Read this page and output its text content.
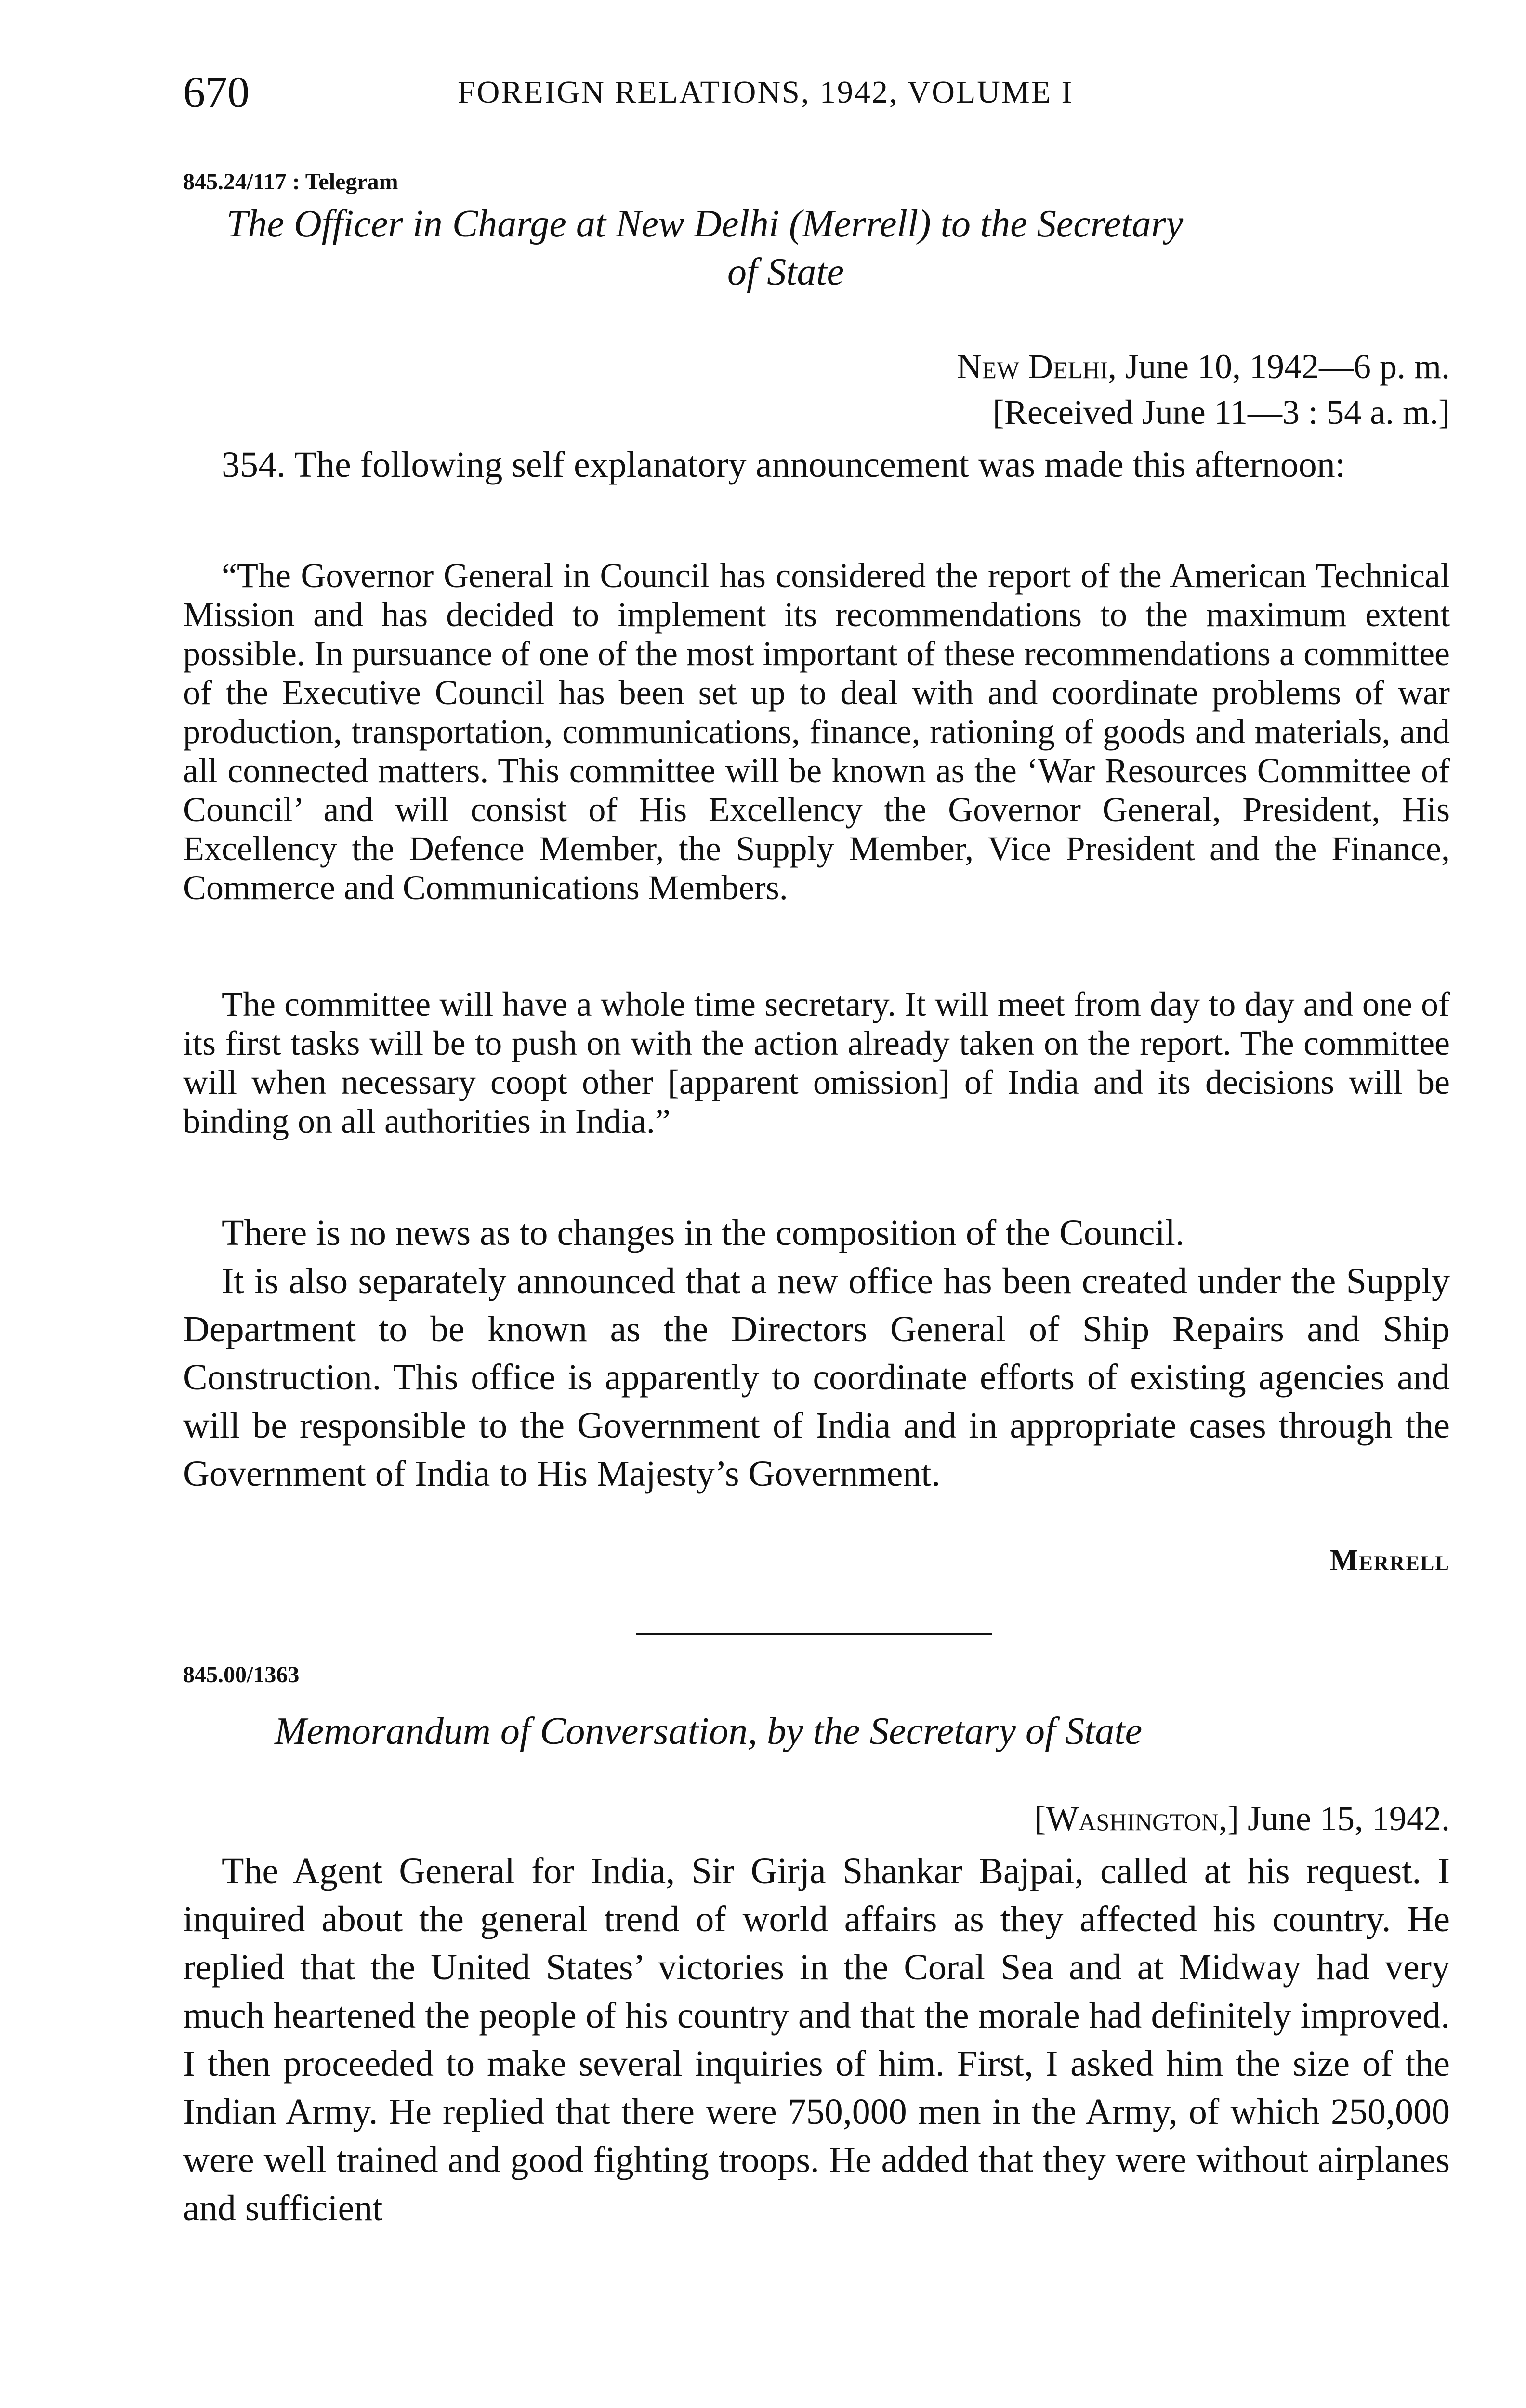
670	FOREIGN RELATIONS, 1942, VOLUME I
845.24/117 : Telegram
The Officer in Charge at New Delhi (Merrell) to the Secretary
of State
New Delhi, June 10, 1942—6 p. m.
[Received June 11—3 : 54 a. m.]
354. The following self explanatory announcement was made this afternoon:
“The Governor General in Council has considered the report of the American Technical Mission and has decided to implement its recommendations to the maximum extent possible. In pursuance of one of the most important of these recommendations a committee of the Executive Council has been set up to deal with and coordinate problems of war production, transportation, communications, finance, rationing of goods and materials, and all connected matters. This committee will be known as the ‘War Resources Committee of Council’ and will consist of His Excellency the Governor General, President, His Excellency the Defence Member, the Supply Member, Vice President and the Finance, Commerce and Communications Members.
The committee will have a whole time secretary. It will meet from day to day and one of its first tasks will be to push on with the action already taken on the report. The committee will when necessary coopt other [apparent omission] of India and its decisions will be binding on all authorities in India.”
There is no news as to changes in the composition of the Council.
It is also separately announced that a new office has been created under the Supply Department to be known as the Directors General of Ship Repairs and Ship Construction. This office is apparently to coordinate efforts of existing agencies and will be responsible to the Government of India and in appropriate cases through the Government of India to His Majesty’s Government.
Merrell
845.00/1363
Memorandum of Conversation, by the Secretary of State
[Washington,] June 15, 1942.
The Agent General for India, Sir Girja Shankar Bajpai, called at his request. I inquired about the general trend of world affairs as they affected his country. He replied that the United States’ victories in the Coral Sea and at Midway had very much heartened the people of his country and that the morale had definitely improved. I then proceeded to make several inquiries of him. First, I asked him the size of the Indian Army. He replied that there were 750,000 men in the Army, of which 250,000 were well trained and good fighting troops. He added that they were without airplanes and sufficient
